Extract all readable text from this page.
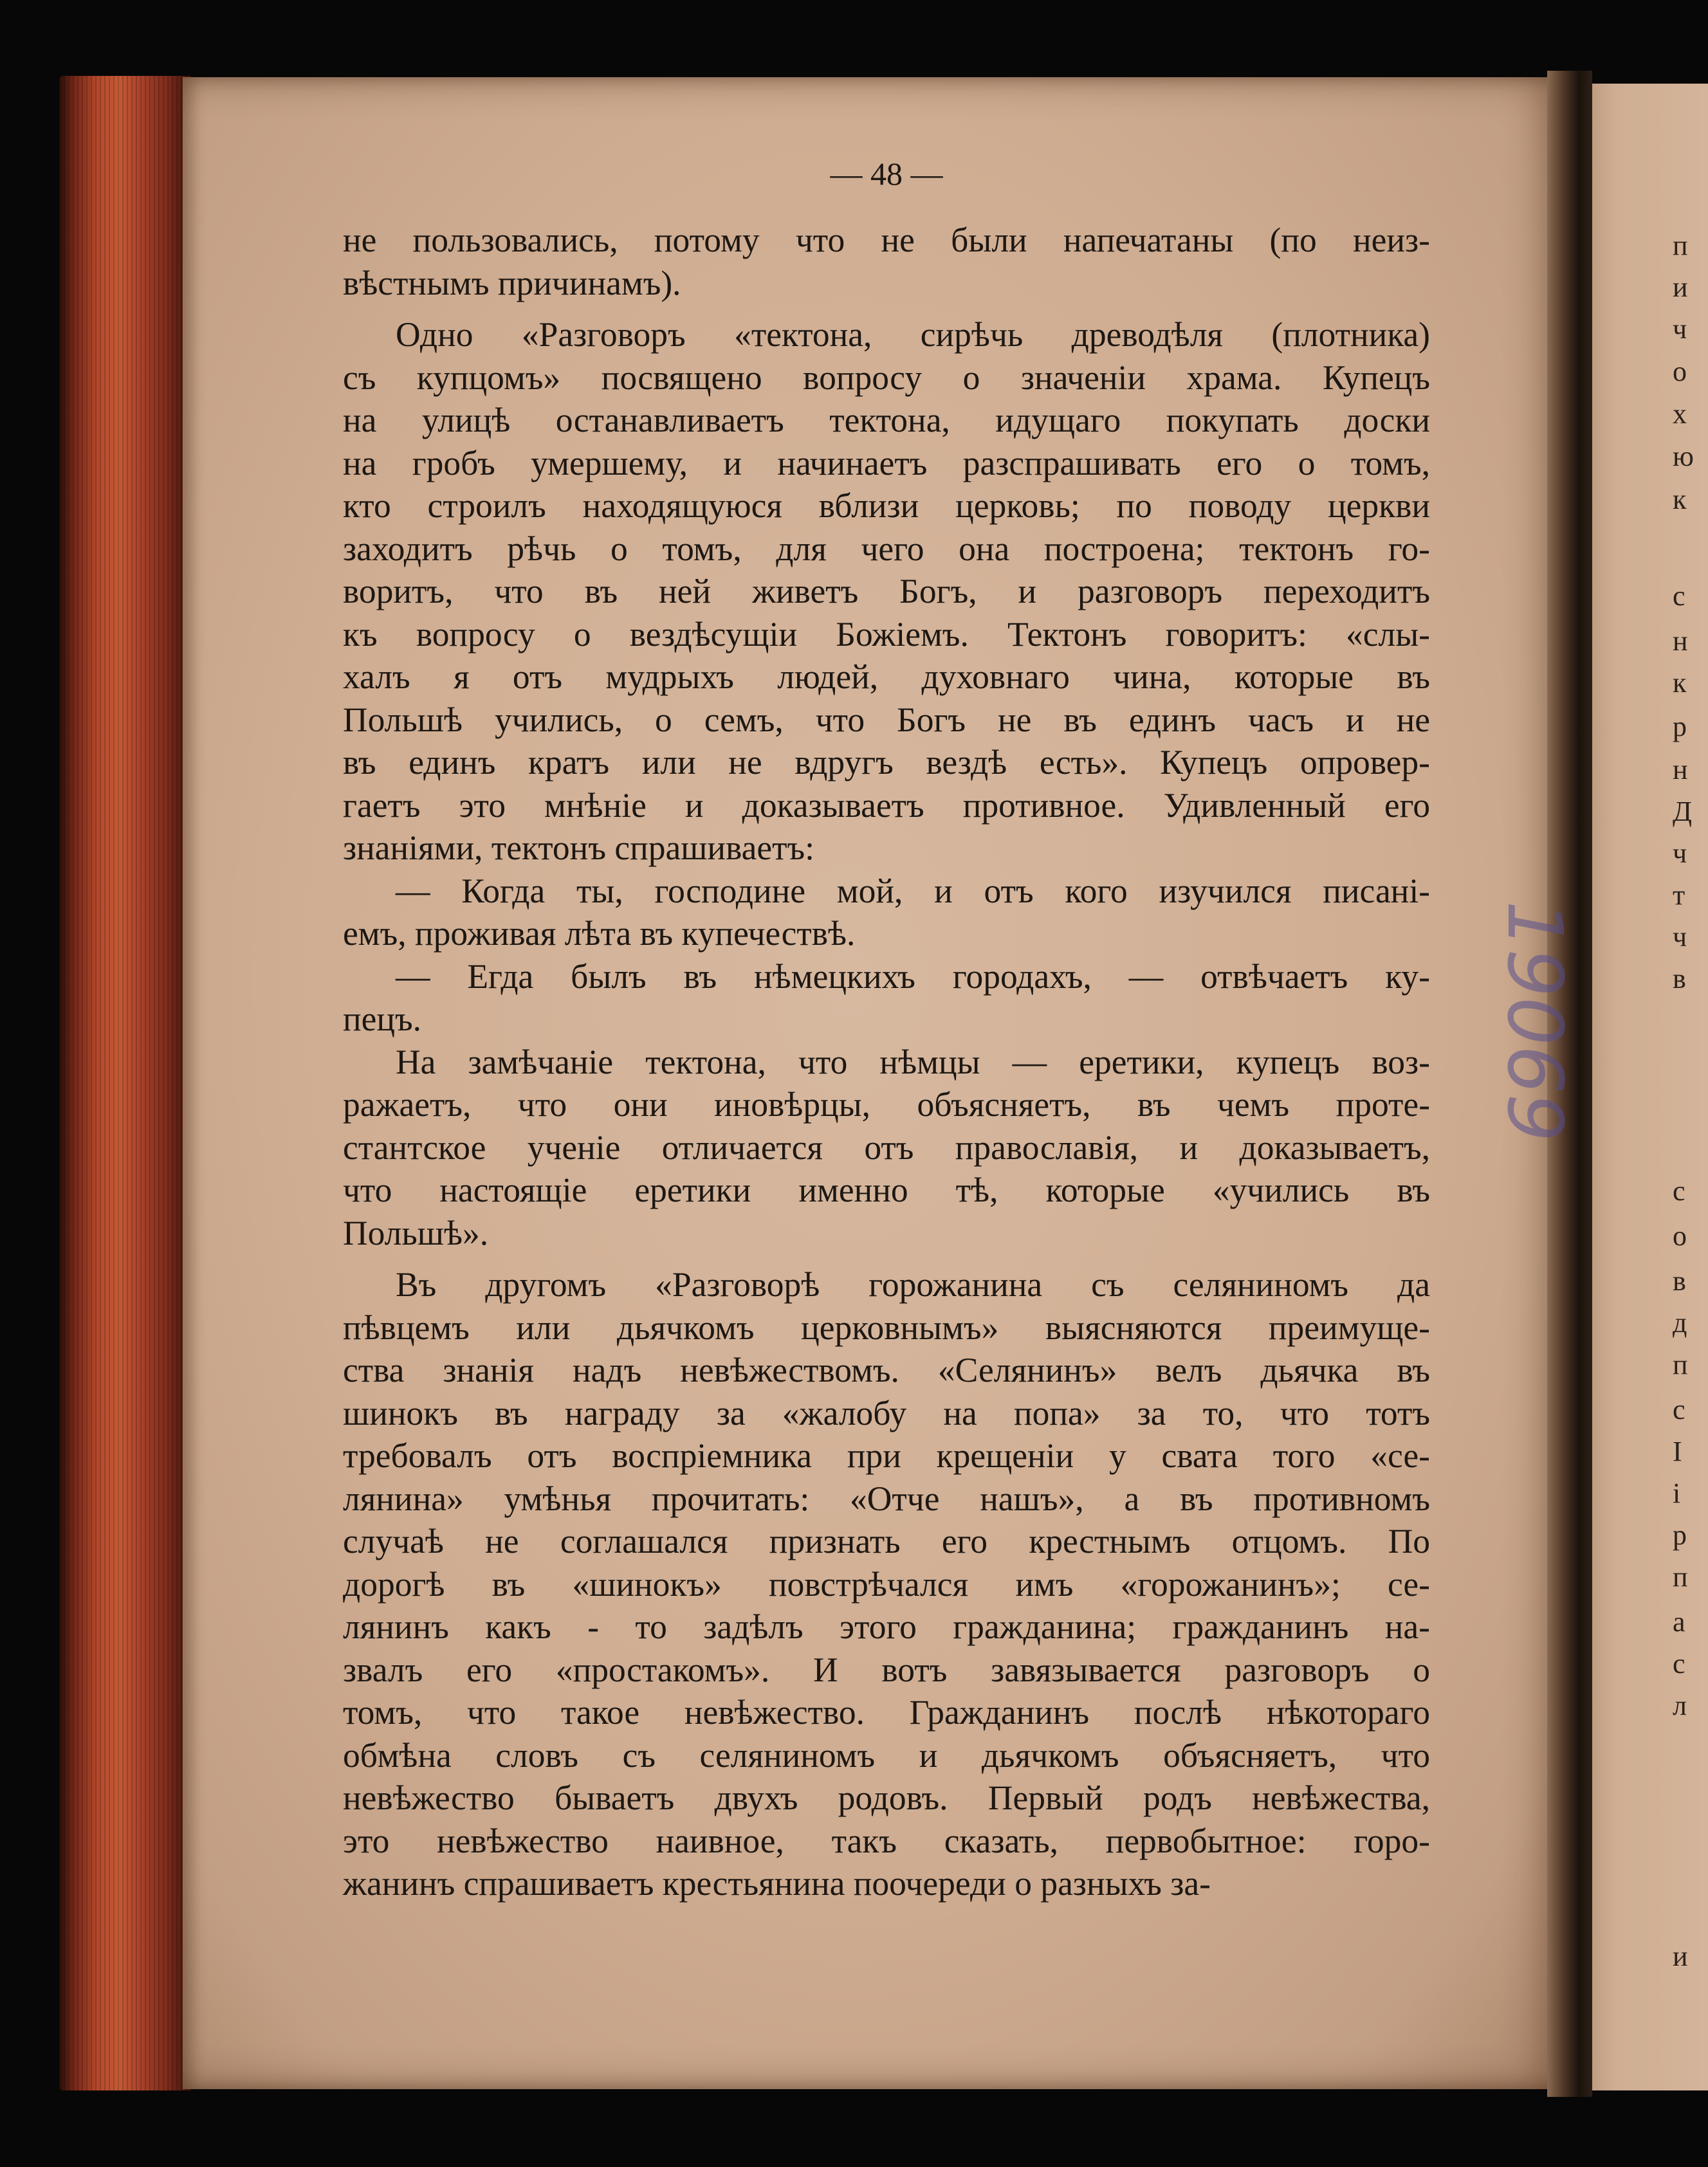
— 48 —
не пользовались, потому что не были напечатаны (по неиз-
вѣстнымъ причинамъ).
Одно «Разговоръ «тектона, сирѣчь древодѣля (плотника)
съ купцомъ» посвящено вопросу о значенiи храма. Купецъ
на улицѣ останавливаетъ тектона, идущаго покупать доски
на гробъ умершему, и начинаетъ разспрашивать его о томъ,
кто строилъ находящуюся вблизи церковь; по поводу церкви
заходитъ рѣчь о томъ, для чего она построена; тектонъ го-
воритъ, что въ ней живетъ Богъ, и разговоръ переходитъ
къ вопросу о вездѣсущiи Божiемъ. Тектонъ говоритъ: «слы-
халъ я отъ мудрыхъ людей, духовнаго чина, которые въ
Польшѣ учились, о семъ, что Богъ не въ единъ часъ и не
въ единъ кратъ или не вдругъ вездѣ есть». Купецъ опровер-
гаетъ это мнѣнiе и доказываетъ противное. Удивленный его
знанiями, тектонъ спрашиваетъ:
— Когда ты, господине мой, и отъ кого изучился писанi-
емъ, проживая лѣта въ купечествѣ.
— Егда былъ въ нѣмецкихъ городахъ, — отвѣчаетъ ку-
пецъ.
На замѣчанiе тектона, что нѣмцы — еретики, купецъ воз-
ражаетъ, что они иновѣрцы, объясняетъ, въ чемъ проте-
стантское ученiе отличается отъ православiя, и доказываетъ,
что настоящiе еретики именно тѣ, которые «учились въ
Польшѣ».
Въ другомъ «Разговорѣ горожанина съ селяниномъ да
пѣвцемъ или дьячкомъ церковнымъ» выясняются преимуще-
ства знанiя надъ невѣжествомъ. «Селянинъ» велъ дьячка въ
шинокъ въ награду за «жалобу на попа» за то, что тотъ
требовалъ отъ воспрiемника при крещенiи у свата того «се-
лянина» умѣнья прочитать: «Отче нашъ», а въ противномъ
случаѣ не соглашался признать его крестнымъ отцомъ. По
дорогѣ въ «шинокъ» повстрѣчался имъ «горожанинъ»; се-
лянинъ какъ - то задѣлъ этого гражданина; гражданинъ на-
звалъ его «простакомъ». И вотъ завязывается разговоръ о
томъ, что такое невѣжество. Гражданинъ послѣ нѣкотораго
обмѣна словъ съ селяниномъ и дьячкомъ объясняетъ, что
невѣжество бываетъ двухъ родовъ. Первый родъ невѣжества,
это невѣжество наивное, такъ сказать, первобытное: горо-
жанинъ спрашиваетъ крестьянина поочереди о разныхъ за-
19069
п
и
ч
о
х
ю
к
с
н
к
р
н
Д
ч
т
ч
в
с
о
в
д
п
с
І
і
р
п
а
с
л
и
